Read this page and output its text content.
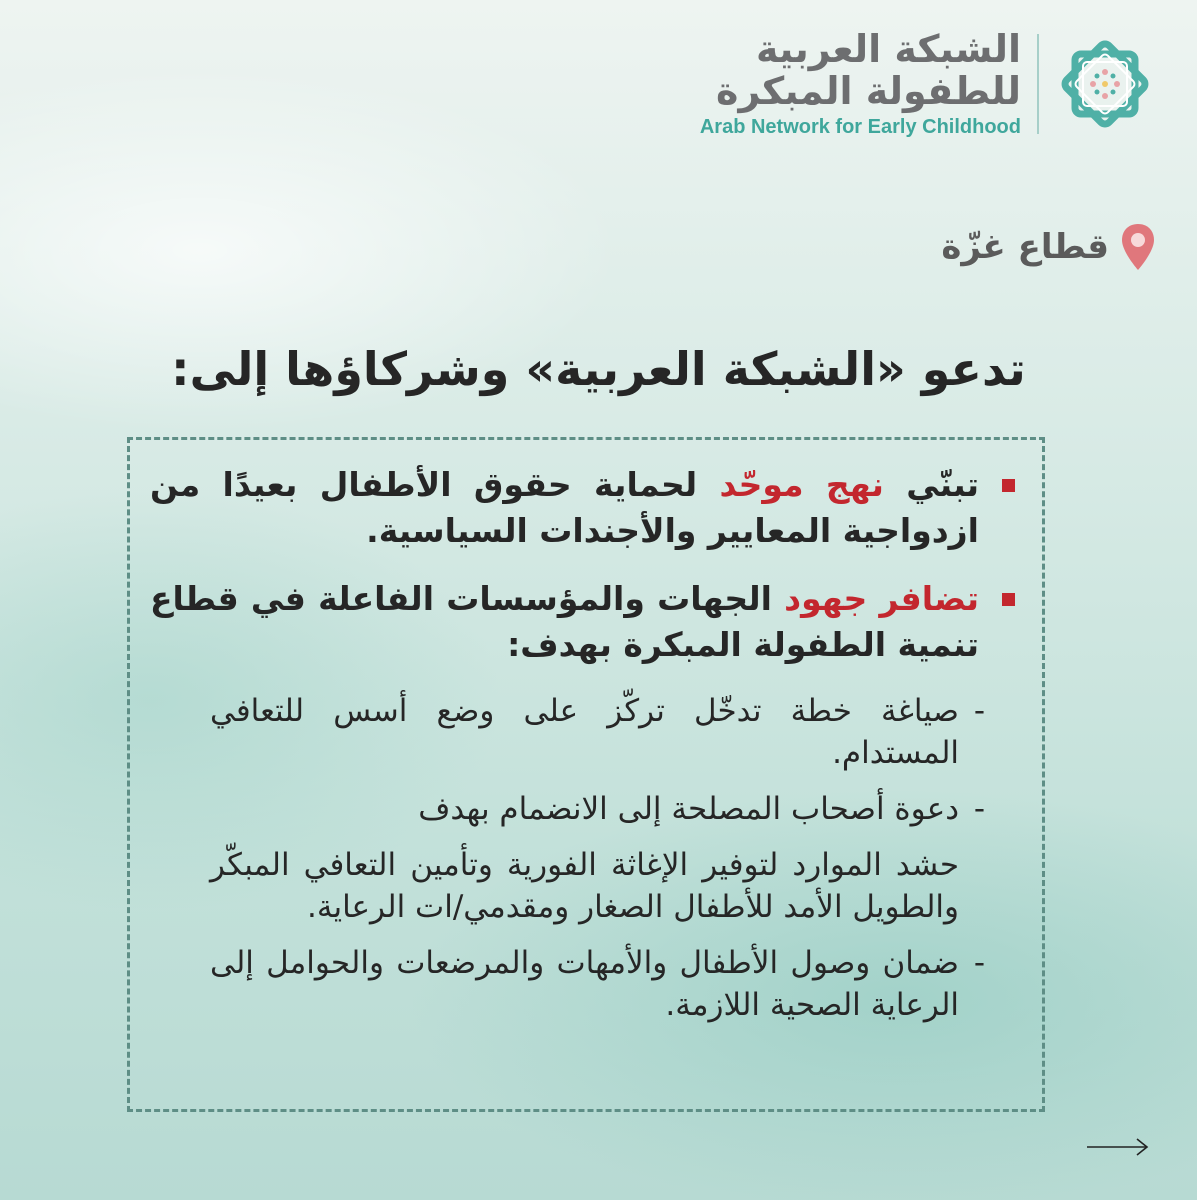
الشبكة العربية
للطفولة المبكرة
Arab Network for Early Childhood
قطاع غزّة
تدعو «الشبكة العربية» وشركاؤها إلى:
تبنّي نهج موحّد لحماية حقوق الأطفال بعيدًا من ازدواجية المعايير والأجندات السياسية.
تضافر جهود الجهات والمؤسسات الفاعلة في قطاع تنمية الطفولة المبكرة بهدف:
-
صياغة خطة تدخّل تركّز على وضع أسس للتعافي المستدام.
-
دعوة أصحاب المصلحة إلى الانضمام بهدف
حشد الموارد لتوفير الإغاثة الفورية وتأمين التعافي المبكّر والطويل الأمد للأطفال الصغار ومقدمي/ات الرعاية.
-
ضمان وصول الأطفال والأمهات والمرضعات والحوامل إلى الرعاية الصحية اللازمة.
